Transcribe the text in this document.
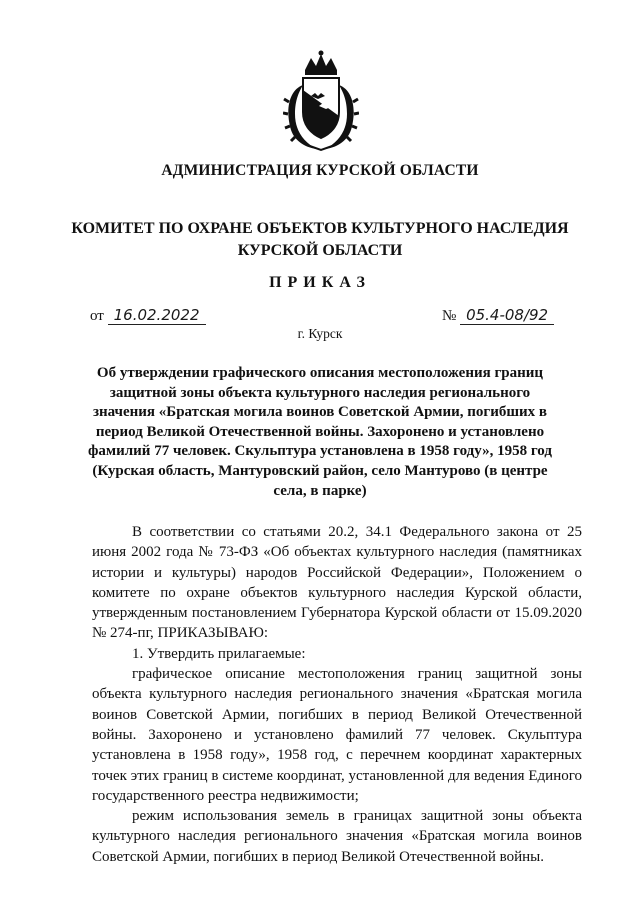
АДМИНИСТРАЦИЯ КУРСКОЙ ОБЛАСТИ
КОМИТЕТ ПО ОХРАНЕ ОБЪЕКТОВ КУЛЬТУРНОГО НАСЛЕДИЯ
КУРСКОЙ ОБЛАСТИ
ПРИКАЗ
от 16.02.2022	№ 05.4-08/92
г. Курск
Об утверждении графического описания местоположения границ защитной зоны объекта культурного наследия регионального значения «Братская могила воинов Советской Армии, погибших в период Великой Отечественной войны. Захоронено и установлено фамилий 77 человек. Скульптура установлена в 1958 году», 1958 год (Курская область, Мантуровский район, село Мантурово (в центре села, в парке)

В соответствии со статьями 20.2, 34.1 Федерального закона от 25 июня 2002 года № 73-ФЗ «Об объектах культурного наследия (памятниках истории и культуры) народов Российской Федерации», Положением о комитете по охране объектов культурного наследия Курской области, утвержденным постановлением Губернатора Курской области от 15.09.2020 № 274-пг, ПРИКАЗЫВАЮ:

1. Утвердить прилагаемые:

графическое описание местоположения границ защитной зоны объекта культурного наследия регионального значения «Братская могила воинов Советской Армии, погибших в период Великой Отечественной войны. Захоронено и установлено фамилий 77 человек. Скульптура установлена в 1958 году», 1958 год, с перечнем координат характерных точек этих границ в системе координат, установленной для ведения Единого государственного реестра недвижимости;

режим использования земель в границах защитной зоны объекта культурного наследия регионального значения «Братская могила воинов Советской Армии, погибших в период Великой Отечественной войны.
